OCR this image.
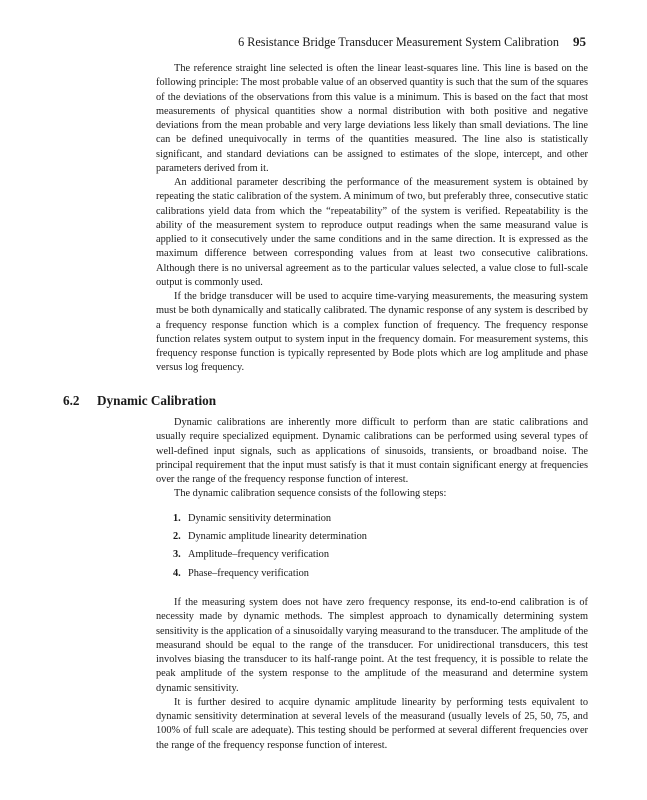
6 Resistance Bridge Transducer Measurement System Calibration 95

The reference straight line selected is often the linear least-squares line. This line is based on the following principle: The most probable value of an observed quantity is such that the sum of the squares of the deviations of the observations from this value is a minimum. This is based on the fact that most measurements of physical quantities show a normal distribution with both positive and negative deviations from the mean probable and very large deviations less likely than small deviations. The line can be defined unequivocally in terms of the quantities measured. The line also is statistically significant, and standard deviations can be assigned to estimates of the slope, intercept, and other parameters derived from it.

An additional parameter describing the performance of the measurement system is obtained by repeating the static calibration of the system. A minimum of two, but preferably three, consecutive static calibrations yield data from which the “repeatability” of the system is verified. Repeatability is the ability of the measurement system to reproduce output readings when the same measurand value is applied to it consecutively under the same conditions and in the same direction. It is expressed as the maximum difference between corresponding values from at least two consecutive calibrations. Although there is no universal agreement as to the particular values selected, a value close to full-scale output is commonly used.

If the bridge transducer will be used to acquire time-varying measurements, the measuring system must be both dynamically and statically calibrated. The dynamic response of any system is described by a frequency response function which is a complex function of frequency. The frequency response function relates system output to system input in the frequency domain. For measurement systems, this frequency response function is typically represented by Bode plots which are log amplitude and phase versus log frequency.

6.2 Dynamic Calibration

Dynamic calibrations are inherently more difficult to perform than are static calibrations and usually require specialized equipment. Dynamic calibrations can be performed using several types of well-defined input signals, such as applications of sinusoids, transients, or broadband noise. The principal requirement that the input must satisfy is that it must contain significant energy at frequencies over the range of the frequency response function of interest.

The dynamic calibration sequence consists of the following steps:

1. Dynamic sensitivity determination
2. Dynamic amplitude linearity determination
3. Amplitude–frequency verification
4. Phase–frequency verification

If the measuring system does not have zero frequency response, its end-to-end calibration is of necessity made by dynamic methods. The simplest approach to dynamically determining system sensitivity is the application of a sinusoidally varying measurand to the transducer. The amplitude of the measurand should be equal to the range of the transducer. For unidirectional transducers, this test involves biasing the transducer to its half-range point. At the test frequency, it is possible to relate the peak amplitude of the system response to the amplitude of the measurand and determine system dynamic sensitivity.

It is further desired to acquire dynamic amplitude linearity by performing tests equivalent to dynamic sensitivity determination at several levels of the measurand (usually levels of 25, 50, 75, and 100% of full scale are adequate). This testing should be performed at several different frequencies over the range of the frequency response function of interest.
